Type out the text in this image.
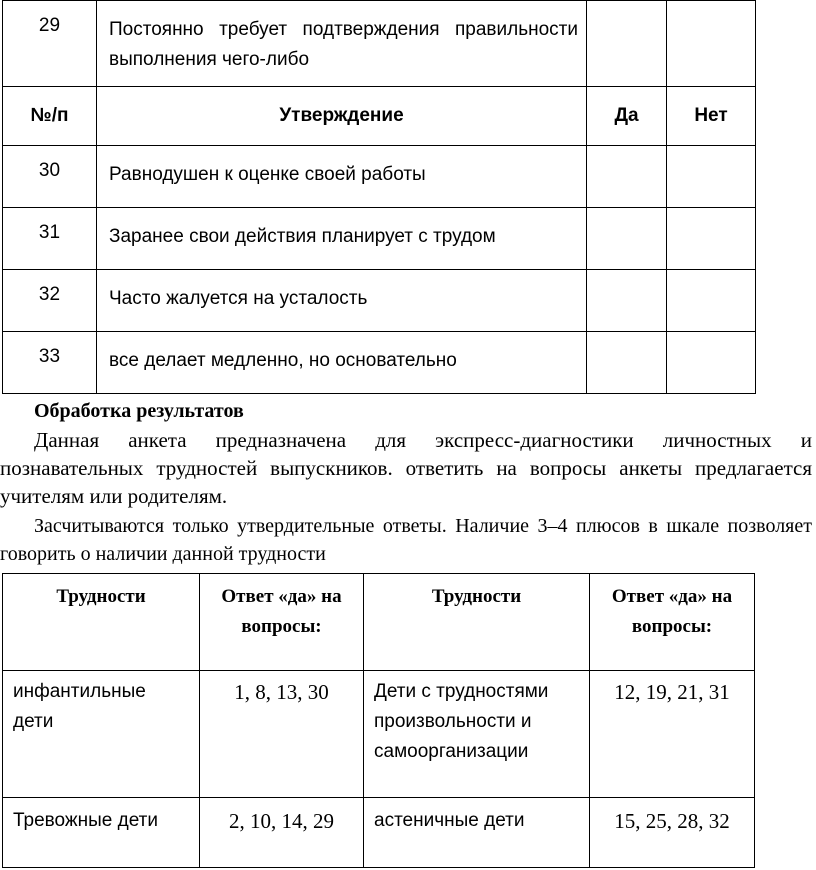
29	Постоянно требует подтверждения правильности выполнения чего-либо		
№/п	Утверждение	Да	Нет
30	Равнодушен к оценке своей работы		
31	Заранее свои действия планирует с трудом		
32	Часто жалуется на усталость		
33	все делает медленно, но основательно		
Обработка результатов
Данная анкета предназначена для экспресс-диагностики личностных и познавательных трудностей выпускников. ответить на вопросы анкеты предлагается учителям или родителям.
Засчитываются только утвердительные ответы. Наличие 3–4 плюсов в шкале позволяет говорить о наличии данной трудности
Трудности	Ответ «да» на вопросы:	Трудности	Ответ «да» на вопросы:
инфантильные дети	1, 8, 13, 30	Дети с трудностями произвольности и самоорганизации	12, 19, 21, 31
Тревожные дети	2, 10, 14, 29	астеничные дети	15, 25, 28, 32
